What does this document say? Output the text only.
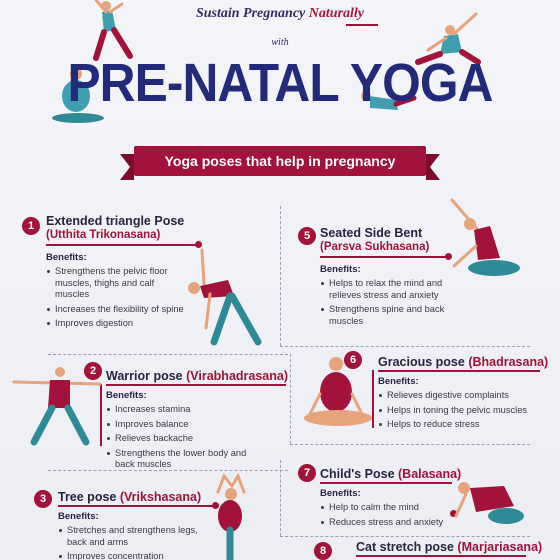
Sustain Pregnancy Naturally
with
PRE-NATAL YOGA
Yoga poses that help in pregnancy
1 Extended triangle Pose
(Utthita Trikonasana)
Benefits:
Strengthens the pelvic floor muscles, thighs and calf muscles
Increases the flexibility of spine
Improves digestion
5 Seated Side Bent
(Parsva Sukhasana)
Benefits:
Helps to relax the mind and relieves stress and anxiety
Strengthens spine and back muscles
6	Gracious pose (Bhadrasana)
Benefits:
Relieves digestive complaints
Helps in toning the pelvic muscles
Helps to reduce stress
2 Warrior pose (Virabhadrasana)
Benefits:
Increases stamina
Improves balance
Relieves backache
Strengthens the lower body and back muscles
7 Child's Pose (Balasana)
Benefits:
Help to calm the mind
Reduces stress and anxiety
3 Tree pose (Vrikshasana)
Benefits:
Stretches and strengthens legs, back and arms
Improves concentration	8	Cat stretch pose (Marjariasana)
